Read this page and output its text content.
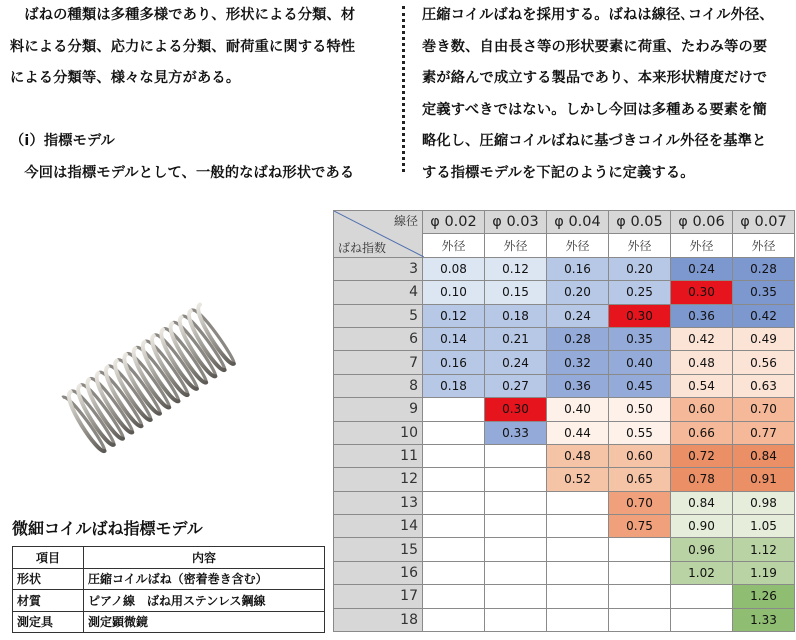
　ばねの種類は多種多様であり、形状による分類、材

料による分類、応力による分類、耐荷重に関する特性

による分類等、様々な見方がある。

（ⅰ）指標モデル

　今回は指標モデルとして、一般的なばね形状である

圧縮コイルばねを採用する。ばねは線径､コイル外径、

巻き数、自由長さ等の形状要素に荷重、たわみ等の要

素が絡んで成立する製品であり、本来形状精度だけで

定義すべきではない。しかし今回は多種ある要素を簡

略化し、圧縮コイルばねに基づきコイル外径を基準と

する指標モデルを下記のように定義する。

微細コイルばね指標モデル
項目	内容
形状	圧縮コイルばね（密着巻き含む）
材質	ピアノ線　ばね用ステンレス鋼線
測定具	測定顕微鏡
線径
ばね指数	φ 0.02	φ 0.03	φ 0.04	φ 0.05	φ 0.06	φ 0.07
	外径	外径	外径	外径	外径	外径
3	0.08	0.12	0.16	0.20	0.24	0.28
4	0.10	0.15	0.20	0.25	0.30	0.35
5	0.12	0.18	0.24	0.30	0.36	0.42
6	0.14	0.21	0.28	0.35	0.42	0.49
7	0.16	0.24	0.32	0.40	0.48	0.56
8	0.18	0.27	0.36	0.45	0.54	0.63
9		0.30	0.40	0.50	0.60	0.70
10		0.33	0.44	0.55	0.66	0.77
11			0.48	0.60	0.72	0.84
12			0.52	0.65	0.78	0.91
13				0.70	0.84	0.98
14				0.75	0.90	1.05
15					0.96	1.12
16					1.02	1.19
17						1.26
18						1.33
